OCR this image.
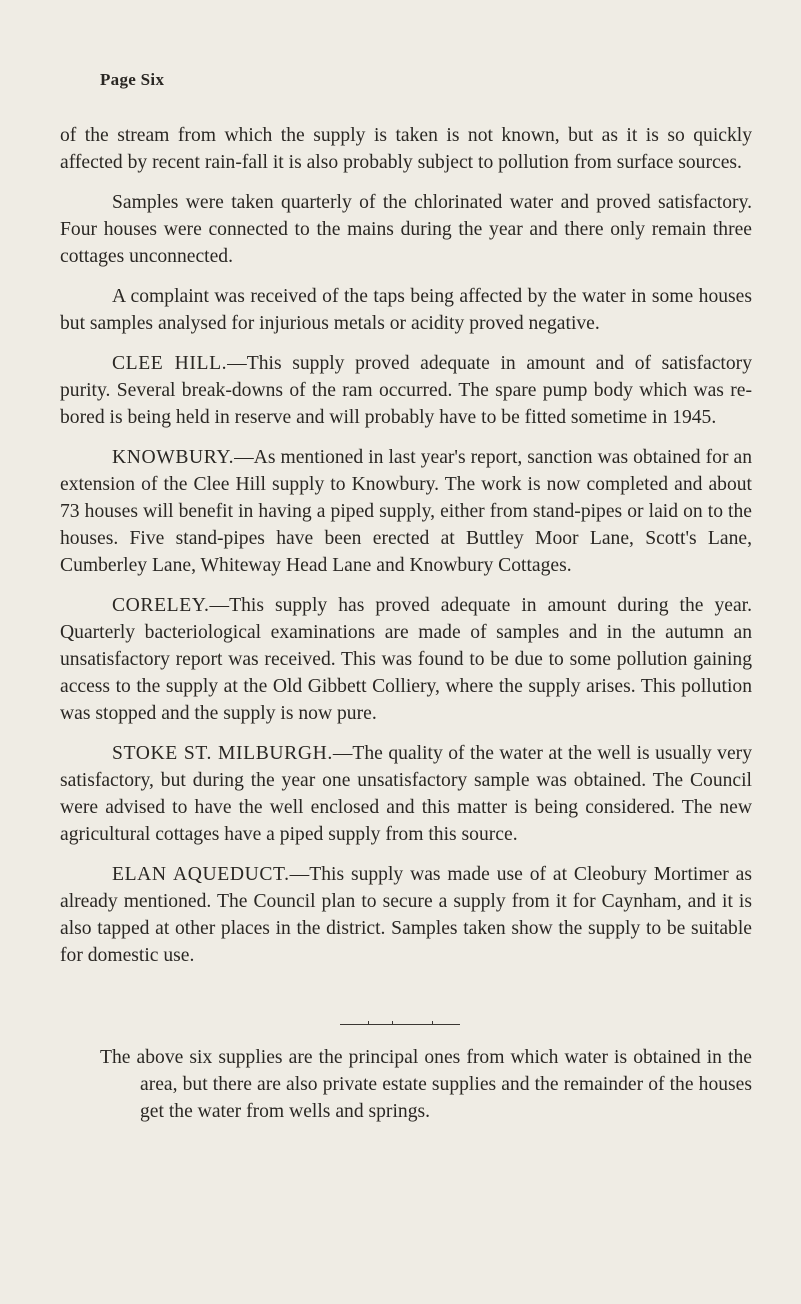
Page Six

of the stream from which the supply is taken is not known, but as it is so quickly affected by recent rain-fall it is also probably subject to pollution from surface sources.

Samples were taken quarterly of the chlorinated water and proved satisfactory. Four houses were connected to the mains during the year and there only remain three cottages unconnected.

A complaint was received of the taps being affected by the water in some houses but samples analysed for injurious metals or acidity proved negative.

CLEE HILL.—This supply proved adequate in amount and of satisfactory purity. Several break-downs of the ram occurred. The spare pump body which was re-bored is being held in reserve and will probably have to be fitted sometime in 1945.

KNOWBURY.—As mentioned in last year's report, sanction was obtained for an extension of the Clee Hill supply to Knowbury. The work is now completed and about 73 houses will benefit in having a piped supply, either from stand-pipes or laid on to the houses. Five stand-pipes have been erected at Buttley Moor Lane, Scott's Lane, Cumberley Lane, Whiteway Head Lane and Knowbury Cottages.

CORELEY.—This supply has proved adequate in amount during the year. Quarterly bacteriological examinations are made of samples and in the autumn an unsatisfactory report was received. This was found to be due to some pollution gaining access to the supply at the Old Gibbett Colliery, where the supply arises. This pollution was stopped and the supply is now pure.

STOKE ST. MILBURGH.—The quality of the water at the well is usually very satisfactory, but during the year one unsatisfactory sample was obtained. The Council were advised to have the well enclosed and this matter is being considered. The new agricultural cottages have a piped supply from this source.

ELAN AQUEDUCT.—This supply was made use of at Cleobury Mortimer as already mentioned. The Council plan to secure a supply from it for Caynham, and it is also tapped at other places in the district. Samples taken show the supply to be suitable for domestic use.

The above six supplies are the principal ones from which water is obtained in the area, but there are also private estate supplies and the remainder of the houses get the water from wells and springs.
